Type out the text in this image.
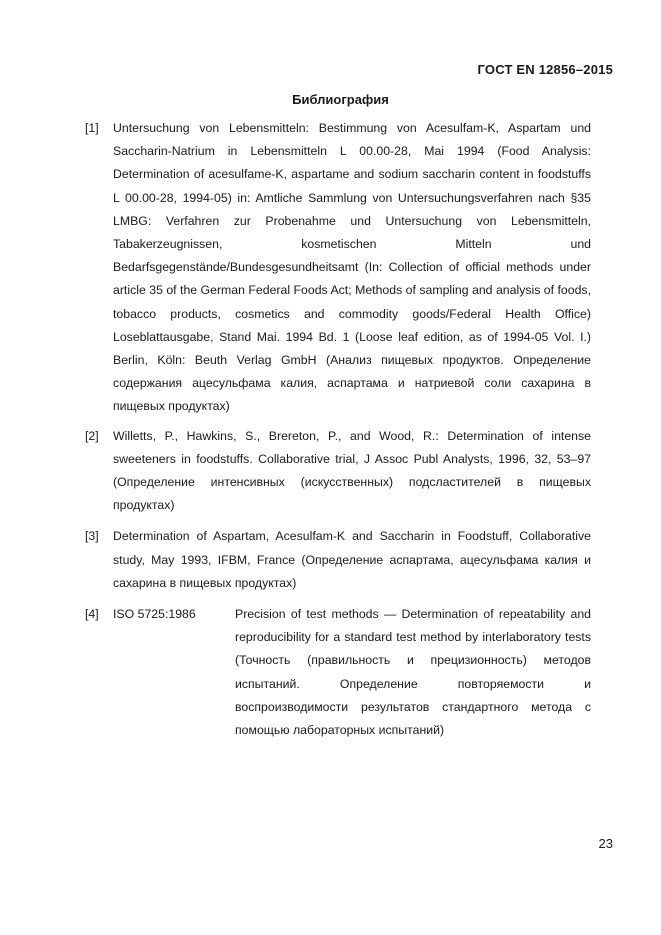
ГОСТ EN 12856–2015
Библиография
[1] Untersuchung von Lebensmitteln: Bestimmung von Acesulfam-K, Aspartam und Saccharin-Natrium in Lebensmitteln L 00.00-28, Mai 1994 (Food Analysis: Determination of acesulfame-K, aspartame and sodium saccharin content in foodstuffs L 00.00-28, 1994-05) in: Amtliche Sammlung von Untersuchungsverfahren nach §35 LMBG: Verfahren zur Probenahme und Untersuchung von Lebensmitteln, Tabakerzeugnissen, kosmetischen Mitteln und Bedarfsgegenstände/Bundesgesundheitsamt (In: Collection of official methods under article 35 of the German Federal Foods Act; Methods of sampling and analysis of foods, tobacco products, cosmetics and commodity goods/Federal Health Office) Loseblattausgabe, Stand Mai. 1994 Bd. 1 (Loose leaf edition, as of 1994-05 Vol. I.) Berlin, Köln: Beuth Verlag GmbH (Анализ пищевых продуктов. Определение содержания ацесульфама калия, аспартама и натриевой соли сахарина в пищевых продуктах)
[2] Willetts, P., Hawkins, S., Brereton, P., and Wood, R.: Determination of intense sweeteners in foodstuffs. Collaborative trial, J Assoc Publ Analysts, 1996, 32, 53–97 (Определение интенсивных (искусственных) подсластителей в пищевых продуктах)
[3] Determination of Aspartam, Acesulfam-K and Saccharin in Foodstuff, Collaborative study, May 1993, IFBM, France (Определение аспартама, ацесульфама калия и сахарина в пищевых продуктах)
[4] ISO 5725:1986	Precision of test methods — Determination of repeatability and reproducibility for a standard test method by interlaboratory tests (Точность (правильность и прецизионность) методов испытаний. Определение повторяемости и воспроизводимости результатов стандартного метода с помощью лабораторных испытаний)
23
